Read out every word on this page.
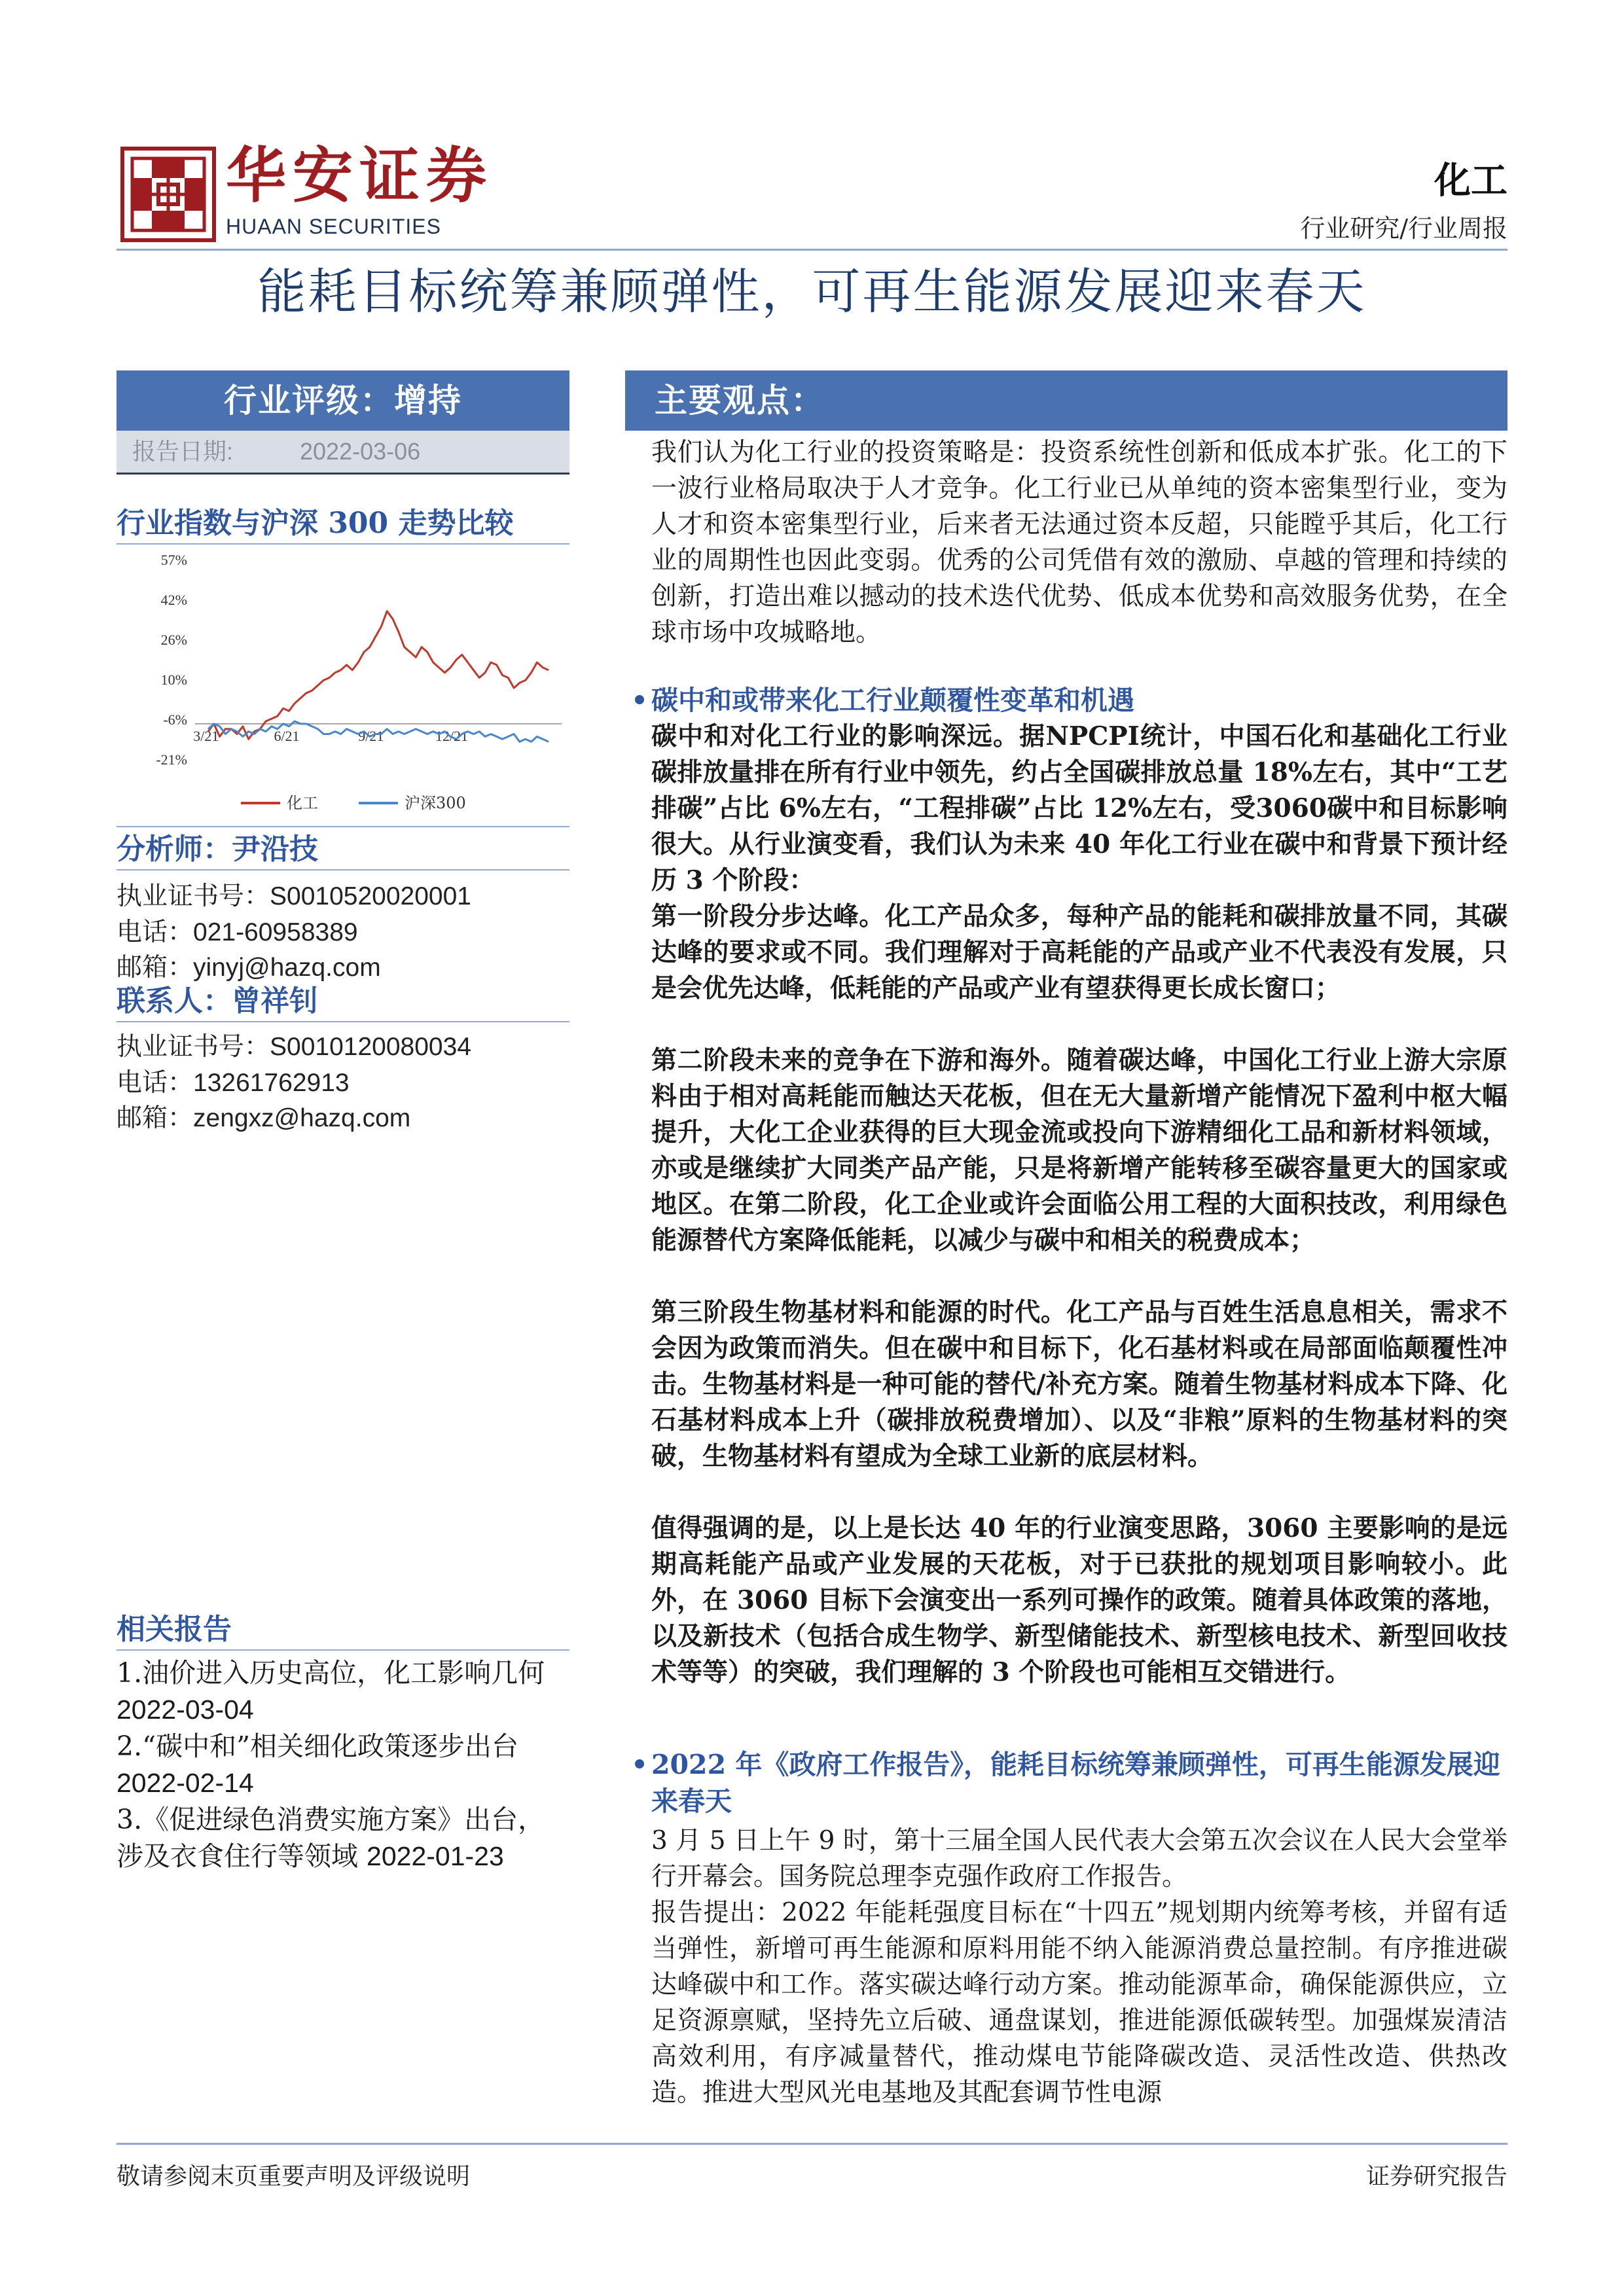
华安证券
HUAAN SECURITIES
化工
行业研究/行业周报
能耗目标统筹兼顾弹性，可再生能源发展迎来春天
行业评级：增持
报告日期:	2022-03-06
行业指数与沪深 300 走势比较
57%
42%
26%
10%
-6%
-21%
3/21	6/21	9/21	12/21
化工	沪深300
分析师：尹沿技
执业证书号：S0010520020001
电话：021-60958389
邮箱：yinyj@hazq.com
联系人：曾祥钊
执业证书号：S0010120080034
电话：13261762913
邮箱：zengxz@hazq.com
相关报告
1.油价进入历史高位，化工影响几何 2022-03-04
2.“碳中和”相关细化政策逐步出台 2022-02-14
3.《促进绿色消费实施方案》出台，涉及衣食住行等领域 2022-01-23
主要观点：
我们认为化工行业的投资策略是：投资系统性创新和低成本扩张。化工的下一波行业格局取决于人才竞争。化工行业已从单纯的资本密集型行业，变为人才和资本密集型行业，后来者无法通过资本反超，只能瞠乎其后，化工行业的周期性也因此变弱。优秀的公司凭借有效的激励、卓越的管理和持续的创新，打造出难以撼动的技术迭代优势、低成本优势和高效服务优势，在全球市场中攻城略地。
碳中和或带来化工行业颠覆性变革和机遇
碳中和对化工行业的影响深远。据NPCPI统计，中国石化和基础化工行业碳排放量排在所有行业中领先，约占全国碳排放总量 18%左右，其中“工艺排碳”占比 6%左右，“工程排碳”占比 12%左右，受3060碳中和目标影响很大。从行业演变看，我们认为未来 40 年化工行业在碳中和背景下预计经历 3 个阶段：
第一阶段分步达峰。化工产品众多，每种产品的能耗和碳排放量不同，其碳达峰的要求或不同。我们理解对于高耗能的产品或产业不代表没有发展，只是会优先达峰，低耗能的产品或产业有望获得更长成长窗口；
第二阶段未来的竞争在下游和海外。随着碳达峰，中国化工行业上游大宗原料由于相对高耗能而触达天花板，但在无大量新增产能情况下盈利中枢大幅提升，大化工企业获得的巨大现金流或投向下游精细化工品和新材料领域，亦或是继续扩大同类产品产能，只是将新增产能转移至碳容量更大的国家或地区。在第二阶段，化工企业或许会面临公用工程的大面积技改，利用绿色能源替代方案降低能耗，以减少与碳中和相关的税费成本；
第三阶段生物基材料和能源的时代。化工产品与百姓生活息息相关，需求不会因为政策而消失。但在碳中和目标下，化石基材料或在局部面临颠覆性冲击。生物基材料是一种可能的替代/补充方案。随着生物基材料成本下降、化石基材料成本上升（碳排放税费增加）、以及“非粮”原料的生物基材料的突破，生物基材料有望成为全球工业新的底层材料。
值得强调的是，以上是长达 40 年的行业演变思路，3060 主要影响的是远期高耗能产品或产业发展的天花板，对于已获批的规划项目影响较小。此外，在 3060 目标下会演变出一系列可操作的政策。随着具体政策的落地，以及新技术（包括合成生物学、新型储能技术、新型核电技术、新型回收技术等等）的突破，我们理解的 3 个阶段也可能相互交错进行。
2022 年《政府工作报告》，能耗目标统筹兼顾弹性，可再生能源发展迎来春天
3 月 5 日上午 9 时，第十三届全国人民代表大会第五次会议在人民大会堂举行开幕会。国务院总理李克强作政府工作报告。
报告提出：2022 年能耗强度目标在“十四五”规划期内统筹考核，并留有适当弹性，新增可再生能源和原料用能不纳入能源消费总量控制。有序推进碳达峰碳中和工作。落实碳达峰行动方案。推动能源革命，确保能源供应，立足资源禀赋，坚持先立后破、通盘谋划，推进能源低碳转型。加强煤炭清洁高效利用，有序减量替代，推动煤电节能降碳改造、灵活性改造、供热改造。推进大型风光电基地及其配套调节性电源
敬请参阅末页重要声明及评级说明	证券研究报告
